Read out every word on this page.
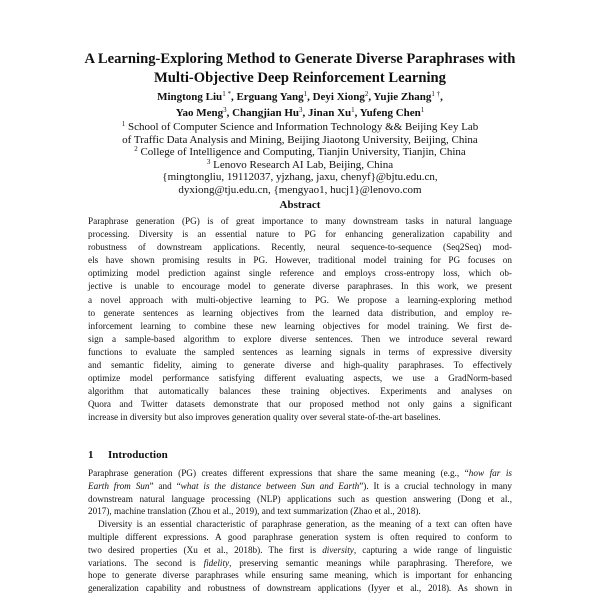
A Learning-Exploring Method to Generate Diverse Paraphrases with
Multi-Objective Deep Reinforcement Learning
Mingtong Liu$^{1 *}$, Erguang Yang$^1$, Deyi Xiong$^2$, Yujie Zhang$^{1 \dagger}$,
Yao Meng$^3$, Changjian Hu$^3$, Jinan Xu$^1$, Yufeng Chen$^1$
$^1$ School of Computer Science and Information Technology && Beijing Key Lab
of Traffic Data Analysis and Mining, Beijing Jiaotong University, Beijing, China
$^2$ College of Intelligence and Computing, Tianjin University, Tianjin, China
$^3$ Lenovo Research AI Lab, Beijing, China
{mingtongliu, 19112037, yjzhang, jaxu, chenyf}@bjtu.edu.cn,
dyxiong@tju.edu.cn, {mengyao1, hucj1}@lenovo.com
Abstract
Paraphrase generation (PG) is of great importance to many downstream tasks in natural language
processing. Diversity is an essential nature to PG for enhancing generalization capability and
robustness of downstream applications. Recently, neural sequence-to-sequence (Seq2Seq) mod-
els have shown promising results in PG. However, traditional model training for PG focuses on
optimizing model prediction against single reference and employs cross-entropy loss, which ob-
jective is unable to encourage model to generate diverse paraphrases. In this work, we present
a novel approach with multi-objective learning to PG. We propose a learning-exploring method
to generate sentences as learning objectives from the learned data distribution, and employ re-
inforcement learning to combine these new learning objectives for model training. We first de-
sign a sample-based algorithm to explore diverse sentences. Then we introduce several reward
functions to evaluate the sampled sentences as learning signals in terms of expressive diversity
and semantic fidelity, aiming to generate diverse and high-quality paraphrases. To effectively
optimize model performance satisfying different evaluating aspects, we use a GradNorm-based
algorithm that automatically balances these training objectives. Experiments and analyses on
Quora and Twitter datasets demonstrate that our proposed method not only gains a significant
increase in diversity but also improves generation quality over several state-of-the-art baselines.
1 Introduction
Paraphrase generation (PG) creates different expressions that share the same meaning (e.g., “how far is
Earth from Sun” and “what is the distance between Sun and Earth”). It is a crucial technology in many
downstream natural language processing (NLP) applications such as question answering (Dong et al.,
2017), machine translation (Zhou et al., 2019), and text summarization (Zhao et al., 2018).
Diversity is an essential characteristic of paraphrase generation, as the meaning of a text can often have
multiple different expressions. A good paraphrase generation system is often required to conform to
two desired properties (Xu et al., 2018b). The first is diversity, capturing a wide range of linguistic
variations. The second is fidelity, preserving semantic meanings while paraphrasing. Therefore, we
hope to generate diverse paraphrases while ensuring same meaning, which is important for enhancing
generalization capability and robustness of downstream applications (Iyyer et al., 2018). As shown in
